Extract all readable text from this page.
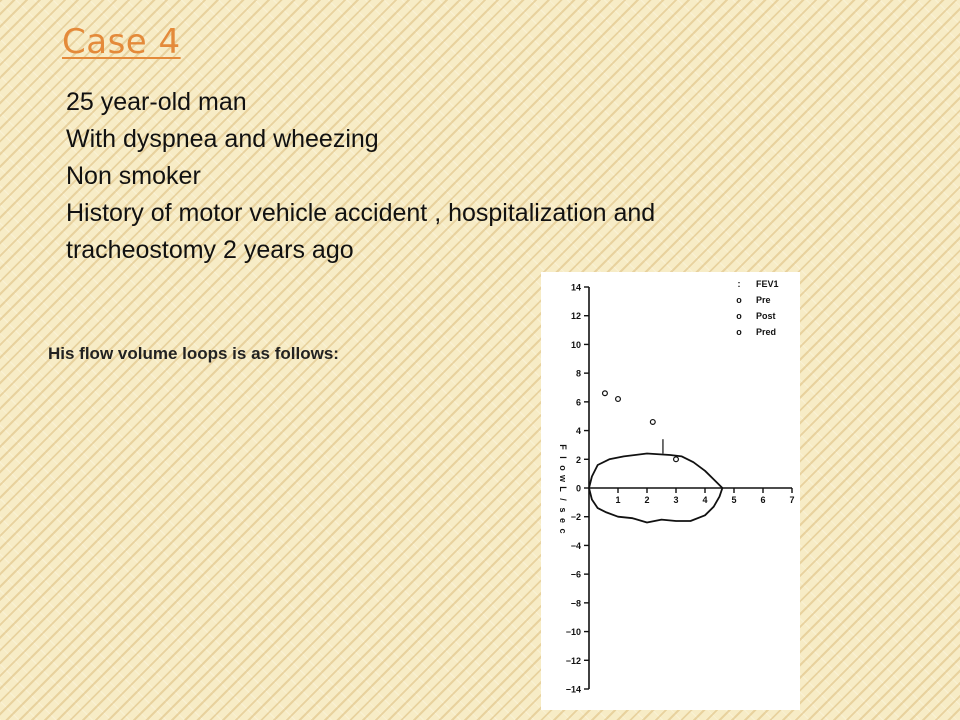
Case 4
25 year-old man
With dyspnea and wheezing
Non smoker
History of motor vehicle accident , hospitalization and
tracheostomy 2 years ago
His flow volume loops is as follows:
14
12
10
8
6
4
2
0
−2
−4
−6
−8
−10
−12
−14
1	2	3	4	5	6	7
F
l
o
w
L
/
s
e
c
: FEV1
o Pre
o Post
o Pred
